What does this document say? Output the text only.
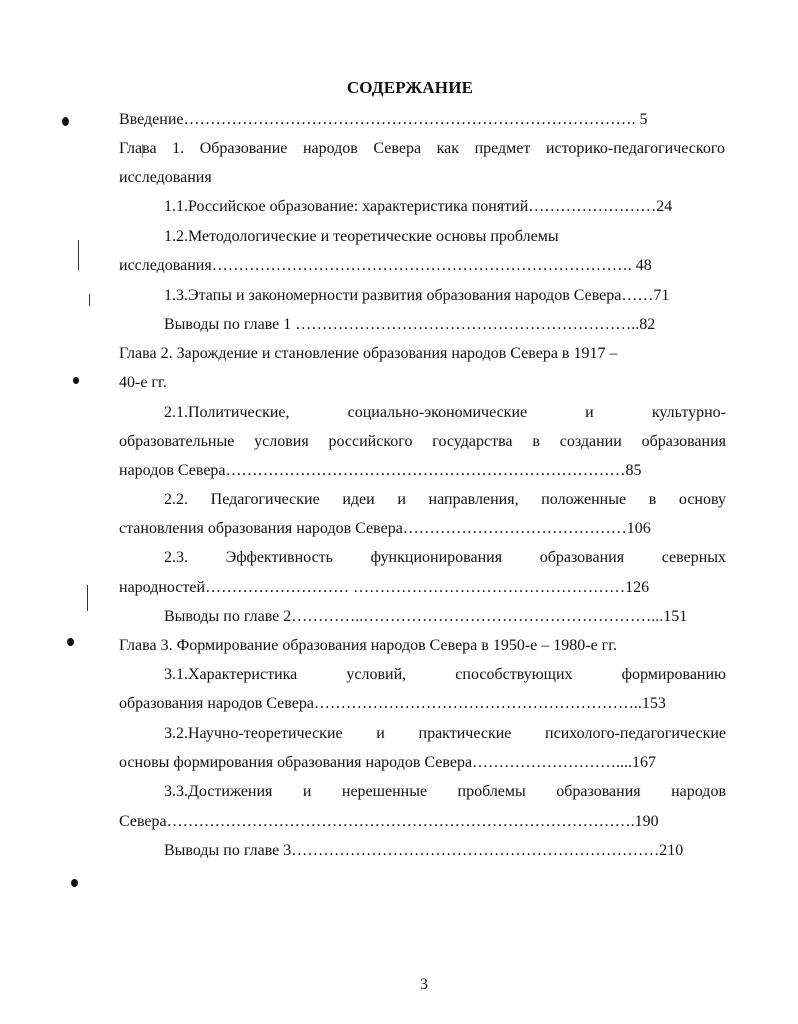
СОДЕРЖАНИЕ
Введение…………………………………………………………………………. 5
Глава 1. Образование народов Севера как предмет историко-педагогического
исследования
1.1.Российское образование: характеристика понятий……………………24
1.2.Методологические и теоретические основы проблемы
исследования……………………………………………………………………. 48
1.3.Этапы и закономерности развития образования народов Севера……71
Выводы по главе 1 ………………………………………………………..82
Глава 2. Зарождение и становление образования народов Севера в 1917 –
40-е гг.
2.1.Политические, социально-экономические и культурно-
образовательные условия российского государства в создании образования
народов Севера…………………………………………………………………85
2.2. Педагогические идеи и направления, положенные в основу
становления образования народов Севера……………………………………106
2.3. Эффективность функционирования образования северных
народностей……………………… ……………………………………………126
Выводы по главе 2…………..………………………………………………...151
Глава 3. Формирование образования народов Севера в 1950-е – 1980-е гг.
3.1.Характеристика условий, способствующих формированию
образования народов Севера……………………………………………………..153
3.2.Научно-теоретические и практические психолого-педагогические
основы формирования образования народов Севера………………………....167
3.3.Достижения и нерешенные проблемы образования народов
Севера…………………………………………………………………………….190
Выводы по главе 3……………………………………………………………210
3
